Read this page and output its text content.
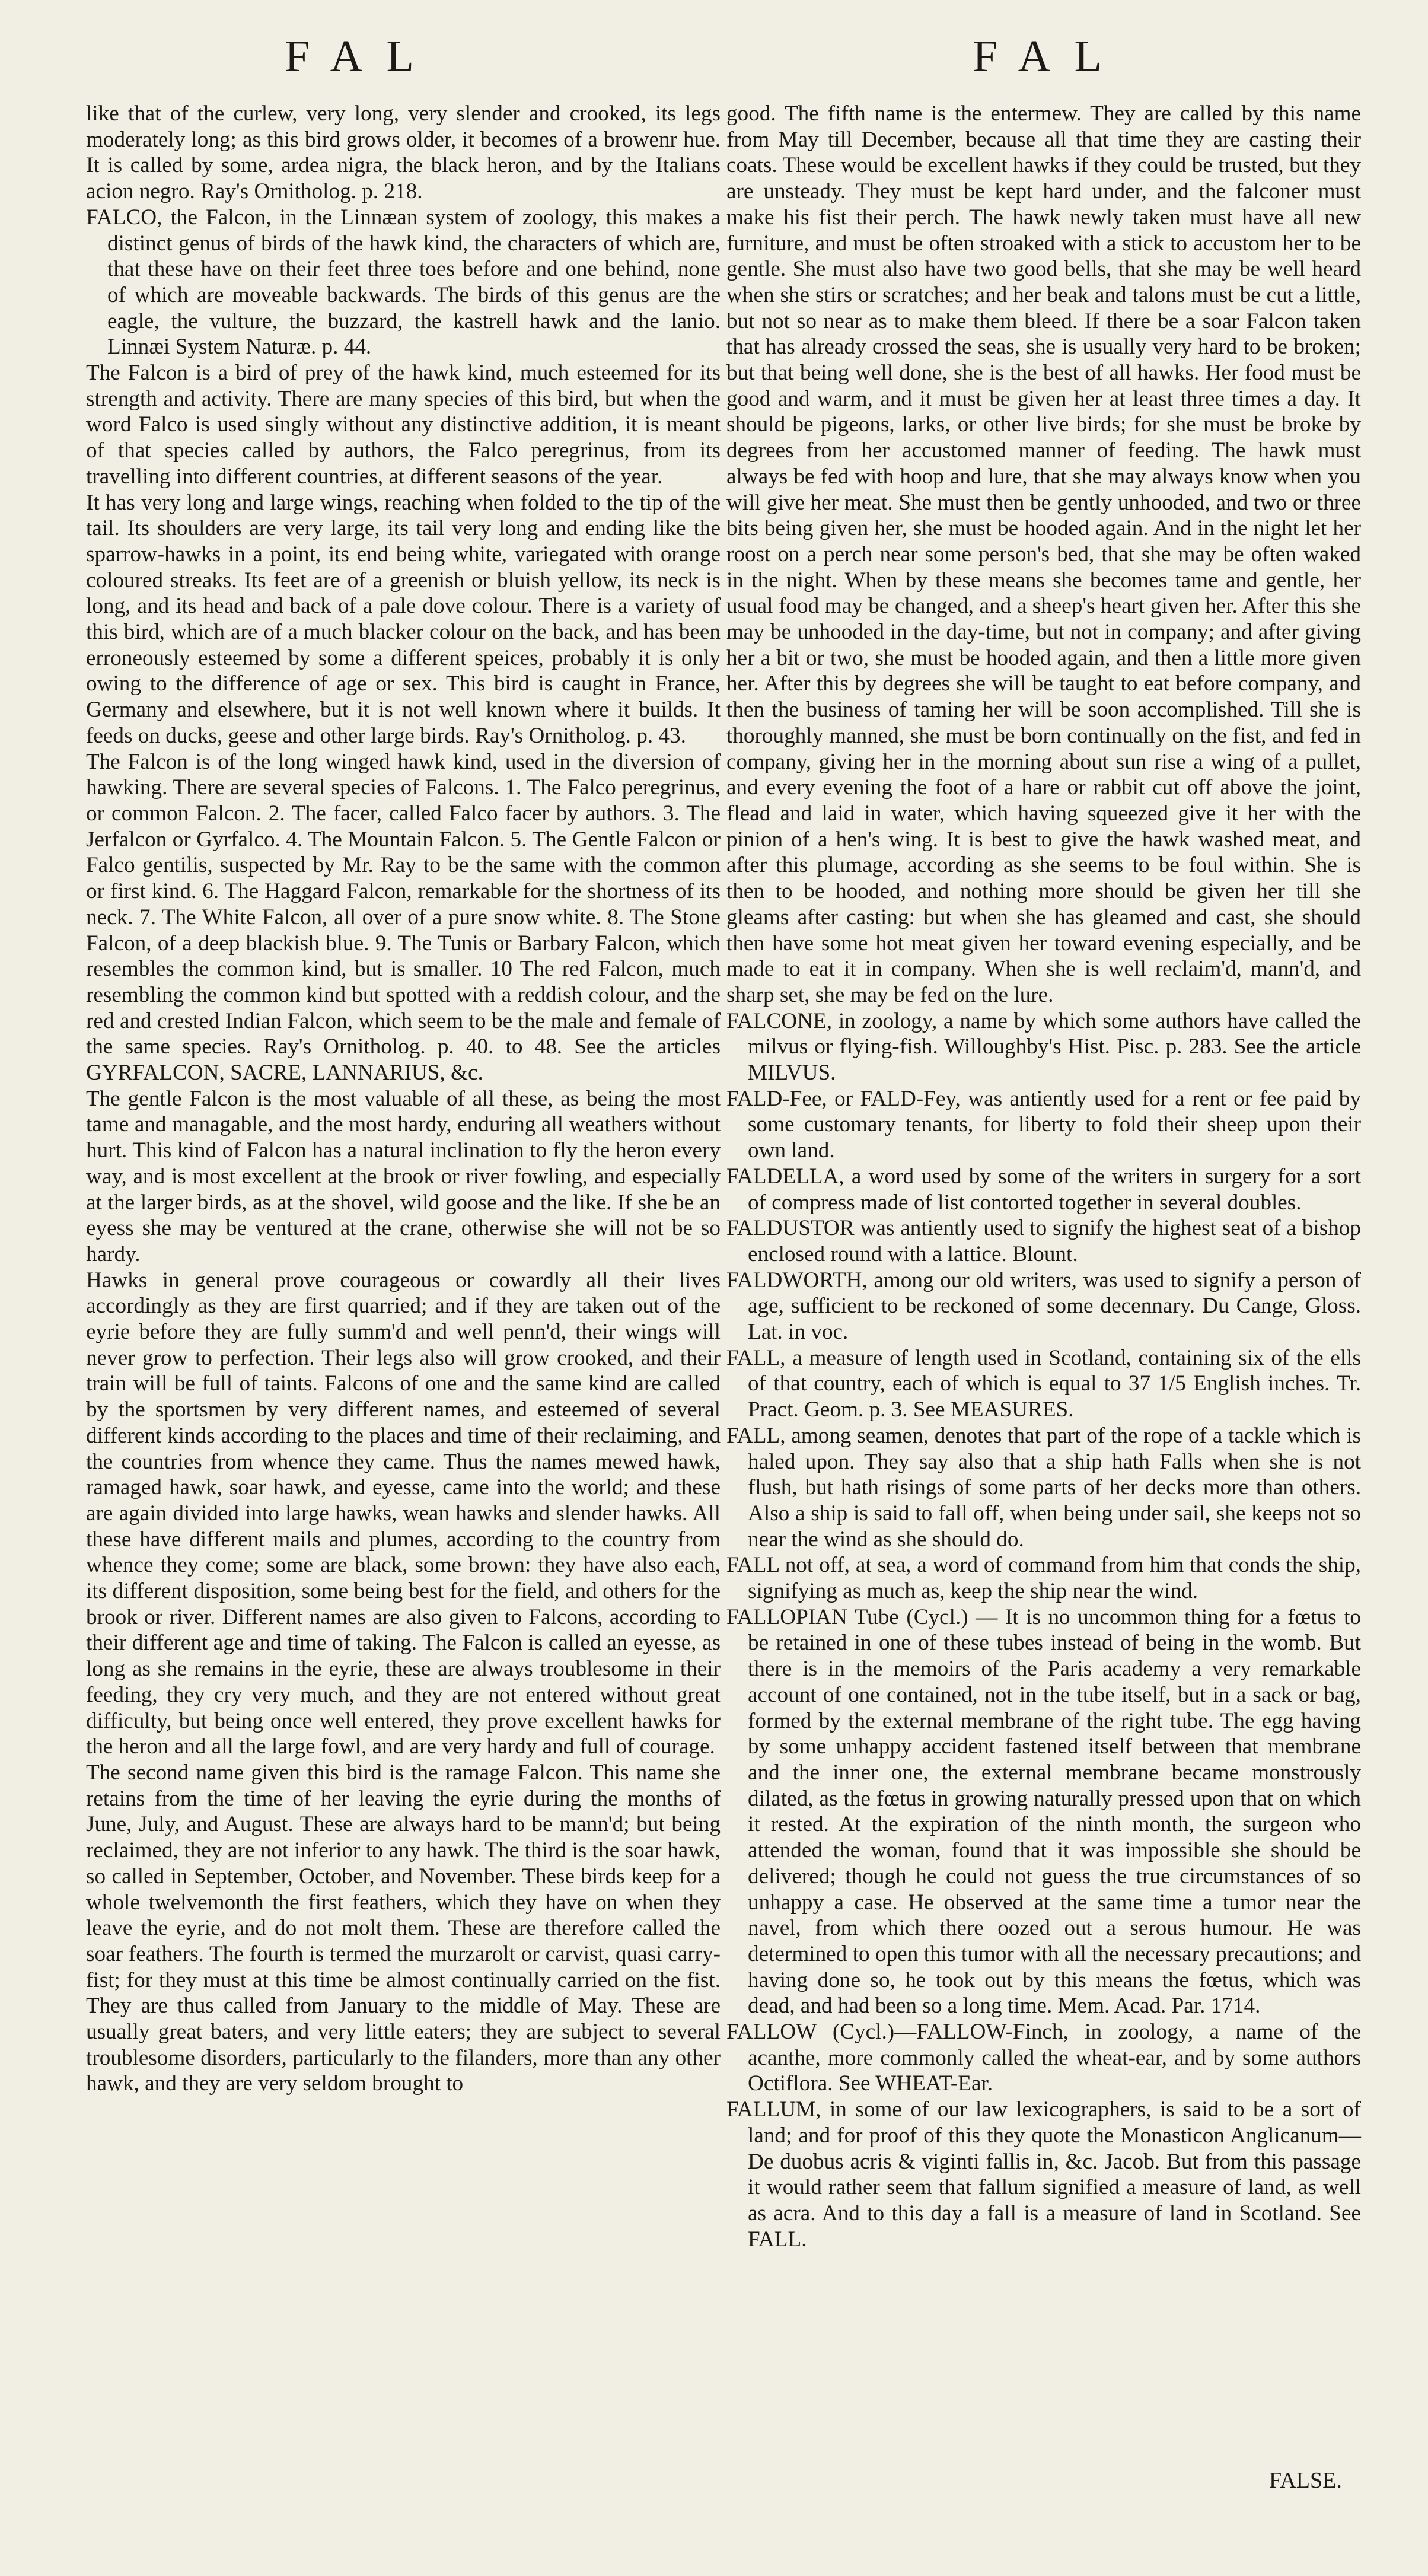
FAL	FAL

like that of the curlew, very long, very slender and crooked, its legs moderately long; as this bird grows older, it becomes of a browenr hue. It is called by some, ardea nigra, the black heron, and by the Italians acion negro. Ray's Ornitholog. p. 218.

FALCO, the Falcon, in the Linnæan system of zoology, this makes a distinct genus of birds of the hawk kind, the characters of which are, that these have on their feet three toes before and one behind, none of which are moveable backwards. The birds of this genus are the eagle, the vulture, the buzzard, the kastrell hawk and the lanio. Linnæi System Naturæ. p. 44.

The Falcon is a bird of prey of the hawk kind, much esteemed for its strength and activity. There are many species of this bird, but when the word Falco is used singly without any distinctive addition, it is meant of that species called by authors, the Falco peregrinus, from its travelling into different countries, at different seasons of the year.

It has very long and large wings, reaching when folded to the tip of the tail. Its shoulders are very large, its tail very long and ending like the sparrow-hawks in a point, its end being white, variegated with orange coloured streaks. Its feet are of a greenish or bluish yellow, its neck is long, and its head and back of a pale dove colour. There is a variety of this bird, which are of a much blacker colour on the back, and has been erroneously esteemed by some a different speices, probably it is only owing to the difference of age or sex. This bird is caught in France, Germany and elsewhere, but it is not well known where it builds. It feeds on ducks, geese and other large birds. Ray's Ornitholog. p. 43.

The Falcon is of the long winged hawk kind, used in the diversion of hawking. There are several species of Falcons. 1. The Falco peregrinus, or common Falcon. 2. The facer, called Falco facer by authors. 3. The Jerfalcon or Gyrfalco. 4. The Mountain Falcon. 5. The Gentle Falcon or Falco gentilis, suspected by Mr. Ray to be the same with the common or first kind. 6. The Haggard Falcon, remarkable for the shortness of its neck. 7. The White Falcon, all over of a pure snow white. 8. The Stone Falcon, of a deep blackish blue. 9. The Tunis or Barbary Falcon, which resembles the common kind, but is smaller. 10 The red Falcon, much resembling the common kind but spotted with a reddish colour, and the red and crested Indian Falcon, which seem to be the male and female of the same species. Ray's Ornitholog. p. 40. to 48. See the articles GYRFALCON, SACRE, LANNARIUS, &c.

The gentle Falcon is the most valuable of all these, as being the most tame and managable, and the most hardy, enduring all weathers without hurt. This kind of Falcon has a natural inclination to fly the heron every way, and is most excellent at the brook or river fowling, and especially at the larger birds, as at the shovel, wild goose and the like. If she be an eyess she may be ventured at the crane, otherwise she will not be so hardy.

Hawks in general prove courageous or cowardly all their lives accordingly as they are first quarried; and if they are taken out of the eyrie before they are fully summ'd and well penn'd, their wings will never grow to perfection. Their legs also will grow crooked, and their train will be full of taints. Falcons of one and the same kind are called by the sportsmen by very different names, and esteemed of several different kinds according to the places and time of their reclaiming, and the countries from whence they came. Thus the names mewed hawk, ramaged hawk, soar hawk, and eyesse, came into the world; and these are again divided into large hawks, wean hawks and slender hawks. All these have different mails and plumes, according to the country from whence they come; some are black, some brown: they have also each, its different disposition, some being best for the field, and others for the brook or river. Different names are also given to Falcons, according to their different age and time of taking. The Falcon is called an eyesse, as long as she remains in the eyrie, these are always troublesome in their feeding, they cry very much, and they are not entered without great difficulty, but being once well entered, they prove excellent hawks for the heron and all the large fowl, and are very hardy and full of courage.

The second name given this bird is the ramage Falcon. This name she retains from the time of her leaving the eyrie during the months of June, July, and August. These are always hard to be mann'd; but being reclaimed, they are not inferior to any hawk. The third is the soar hawk, so called in September, October, and November. These birds keep for a whole twelvemonth the first feathers, which they have on when they leave the eyrie, and do not molt them. These are therefore called the soar feathers. The fourth is termed the murzarolt or carvist, quasi carry-fist; for they must at this time be almost continually carried on the fist. They are thus called from January to the middle of May. These are usually great baters, and very little eaters; they are subject to several troublesome disorders, particularly to the filanders, more than any other hawk, and they are very seldom brought to

good. The fifth name is the entermew. They are called by this name from May till December, because all that time they are casting their coats. These would be excellent hawks if they could be trusted, but they are unsteady. They must be kept hard under, and the falconer must make his fist their perch. The hawk newly taken must have all new furniture, and must be often stroaked with a stick to accustom her to be gentle. She must also have two good bells, that she may be well heard when she stirs or scratches; and her beak and talons must be cut a little, but not so near as to make them bleed. If there be a soar Falcon taken that has already crossed the seas, she is usually very hard to be broken; but that being well done, she is the best of all hawks. Her food must be good and warm, and it must be given her at least three times a day. It should be pigeons, larks, or other live birds; for she must be broke by degrees from her accustomed manner of feeding. The hawk must always be fed with hoop and lure, that she may always know when you will give her meat. She must then be gently unhooded, and two or three bits being given her, she must be hooded again. And in the night let her roost on a perch near some person's bed, that she may be often waked in the night. When by these means she becomes tame and gentle, her usual food may be changed, and a sheep's heart given her. After this she may be unhooded in the day-time, but not in company; and after giving her a bit or two, she must be hooded again, and then a little more given her. After this by degrees she will be taught to eat before company, and then the business of taming her will be soon accomplished. Till she is thoroughly manned, she must be born continually on the fist, and fed in company, giving her in the morning about sun rise a wing of a pullet, and every evening the foot of a hare or rabbit cut off above the joint, flead and laid in water, which having squeezed give it her with the pinion of a hen's wing. It is best to give the hawk washed meat, and after this plumage, according as she seems to be foul within. She is then to be hooded, and nothing more should be given her till she gleams after casting: but when she has gleamed and cast, she should then have some hot meat given her toward evening especially, and be made to eat it in company. When she is well reclaim'd, mann'd, and sharp set, she may be fed on the lure.

FALCONE, in zoology, a name by which some authors have called the milvus or flying-fish. Willoughby's Hist. Pisc. p. 283. See the article MILVUS.

FALD-Fee, or FALD-Fey, was antiently used for a rent or fee paid by some customary tenants, for liberty to fold their sheep upon their own land.

FALDELLA, a word used by some of the writers in surgery for a sort of compress made of list contorted together in several doubles.

FALDUSTOR was antiently used to signify the highest seat of a bishop enclosed round with a lattice. Blount.

FALDWORTH, among our old writers, was used to signify a person of age, sufficient to be reckoned of some decennary. Du Cange, Gloss. Lat. in voc.

FALL, a measure of length used in Scotland, containing six of the ells of that country, each of which is equal to 37 1/5 English inches. Tr. Pract. Geom. p. 3. See MEASURES.

FALL, among seamen, denotes that part of the rope of a tackle which is haled upon. They say also that a ship hath Falls when she is not flush, but hath risings of some parts of her decks more than others. Also a ship is said to fall off, when being under sail, she keeps not so near the wind as she should do.

FALL not off, at sea, a word of command from him that conds the ship, signifying as much as, keep the ship near the wind.

FALLOPIAN Tube (Cycl.) — It is no uncommon thing for a fœtus to be retained in one of these tubes instead of being in the womb. But there is in the memoirs of the Paris academy a very remarkable account of one contained, not in the tube itself, but in a sack or bag, formed by the external membrane of the right tube. The egg having by some unhappy accident fastened itself between that membrane and the inner one, the external membrane became monstrously dilated, as the fœtus in growing naturally pressed upon that on which it rested. At the expiration of the ninth month, the surgeon who attended the woman, found that it was impossible she should be delivered; though he could not guess the true circumstances of so unhappy a case. He observed at the same time a tumor near the navel, from which there oozed out a serous humour. He was determined to open this tumor with all the necessary precautions; and having done so, he took out by this means the fœtus, which was dead, and had been so a long time. Mem. Acad. Par. 1714.

FALLOW (Cycl.)—FALLOW-Finch, in zoology, a name of the acanthe, more commonly called the wheat-ear, and by some authors Octiflora. See WHEAT-Ear.

FALLUM, in some of our law lexicographers, is said to be a sort of land; and for proof of this they quote the Monasticon Anglicanum—De duobus acris & viginti fallis in, &c. Jacob. But from this passage it would rather seem that fallum signified a measure of land, as well as acra. And to this day a fall is a measure of land in Scotland. See FALL.

FALSE.
